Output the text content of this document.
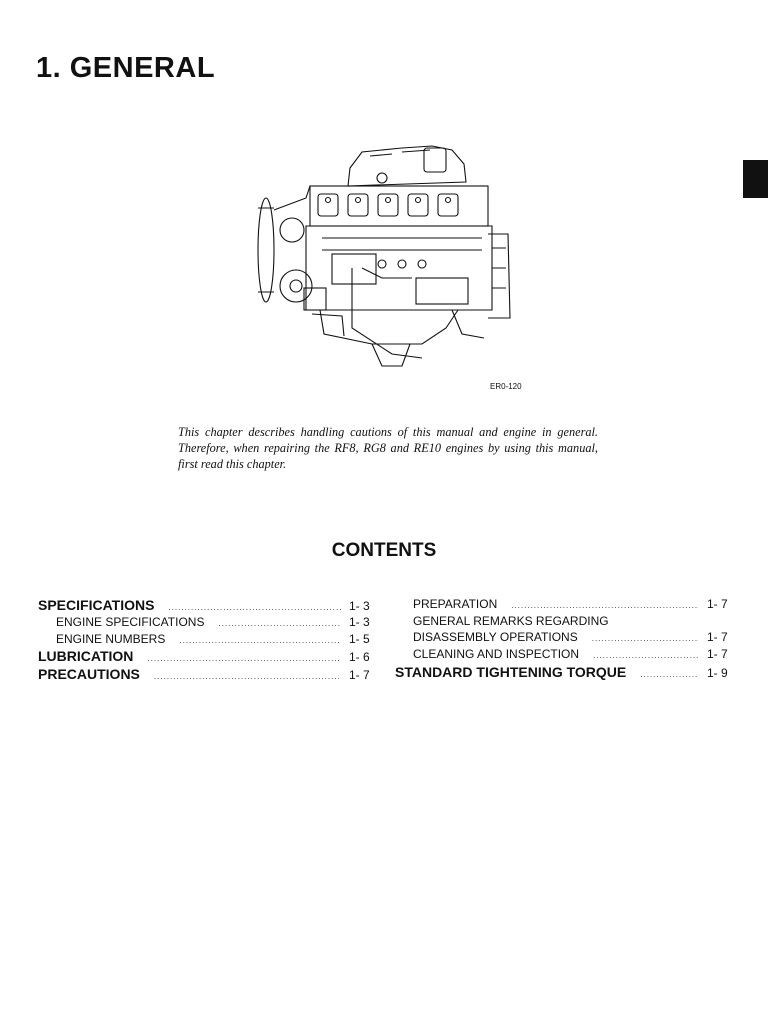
1. GENERAL
ER0-120
This chapter describes handling cautions of this manual and engine in general. Therefore, when repairing the RF8, RG8 and RE10 engines by using this manual, first read this chapter.
CONTENTS
SPECIFICATIONS .....	1- 3
ENGINE SPECIFICATIONS .....	1- 3
ENGINE NUMBERS .....	1- 5
LUBRICATION .....	1- 6
PRECAUTIONS .....	1- 7
PREPARATION .....	1- 7
GENERAL REMARKS REGARDING
DISASSEMBLY OPERATIONS .....	1- 7
CLEANING AND INSPECTION .....	1- 7
STANDARD TIGHTENING TORQUE .....	1- 9
